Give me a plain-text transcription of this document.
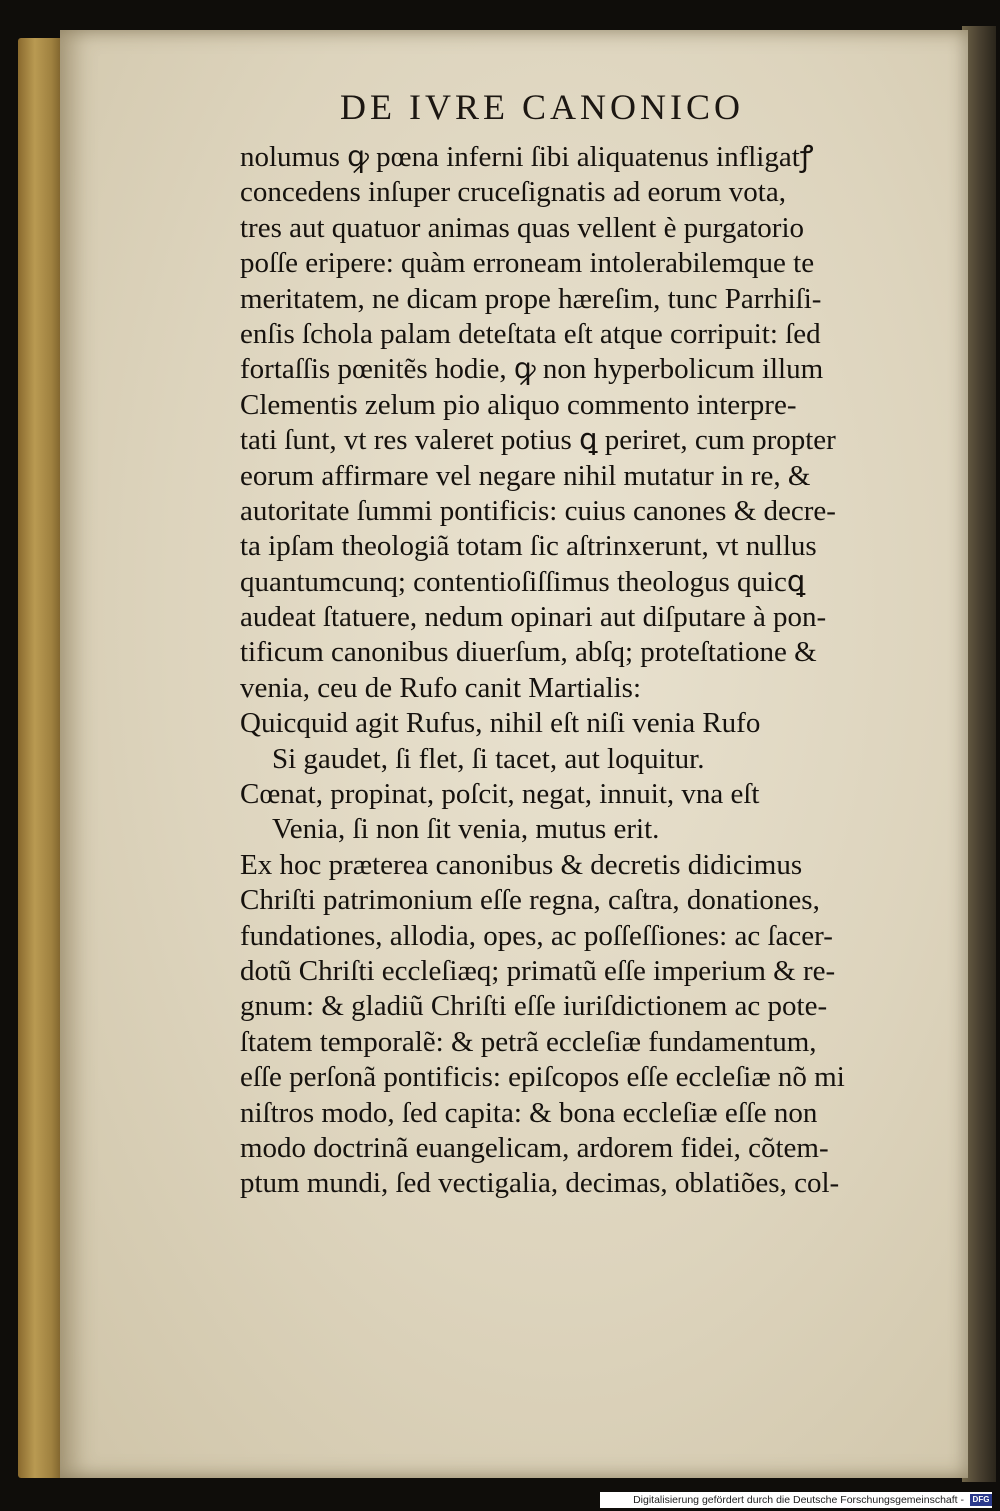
DE IVRE CANONICO
nolumus ꝙ pœna inferni ſibi aliquatenus infligatꝭ
concedens inſuper cruceſignatis ad eorum vota,
tres aut quatuor animas quas vellent è purgatorio
poſſe eripere: quàm erroneam intolerabilemque te
meritatem, ne dicam prope hæreſim, tunc Parrhiſi-
enſis ſchola palam deteſtata eſt atque corripuit: ſed
fortaſſis pœnitẽs hodie, ꝙ non hyperbolicum illum
Clementis zelum pio aliquo commento interpre-
tati ſunt, vt res valeret potius ꝗ periret, cum propter
eorum affirmare vel negare nihil mutatur in re, &
autoritate ſummi pontificis: cuius canones & decre-
ta ipſam theologiã totam ſic aſtrinxerunt, vt nullus
quantumcunq; contentioſiſſimus theologus quicꝗ
audeat ſtatuere, nedum opinari aut diſputare à pon-
tificum canonibus diuerſum, abſq; proteſtatione &
venia, ceu de Rufo canit Martialis:
Quicquid agit Rufus, nihil eſt niſi venia Rufo
Si gaudet, ſi flet, ſi tacet, aut loquitur.
Cœnat, propinat, poſcit, negat, innuit, vna eſt
Venia, ſi non ſit venia, mutus erit.
Ex hoc præterea canonibus & decretis didicimus
Chriſti patrimonium eſſe regna, caſtra, donationes,
fundationes, allodia, opes, ac poſſeſſiones: ac ſacer-
dotũ Chriſti eccleſiæq; primatũ eſſe imperium & re-
gnum: & gladiũ Chriſti eſſe iuriſdictionem ac pote-
ſtatem temporalẽ: & petrã eccleſiæ fundamentum,
eſſe perſonã pontificis: epiſcopos eſſe eccleſiæ nõ mi
niſtros modo, ſed capita: & bona eccleſiæ eſſe non
modo doctrinã euangelicam, ardorem fidei, cõtem-
ptum mundi, ſed vectigalia, decimas, oblatiões, col-
Digitalisierung gefördert durch die Deutsche Forschungsgemeinschaft -	DFG
